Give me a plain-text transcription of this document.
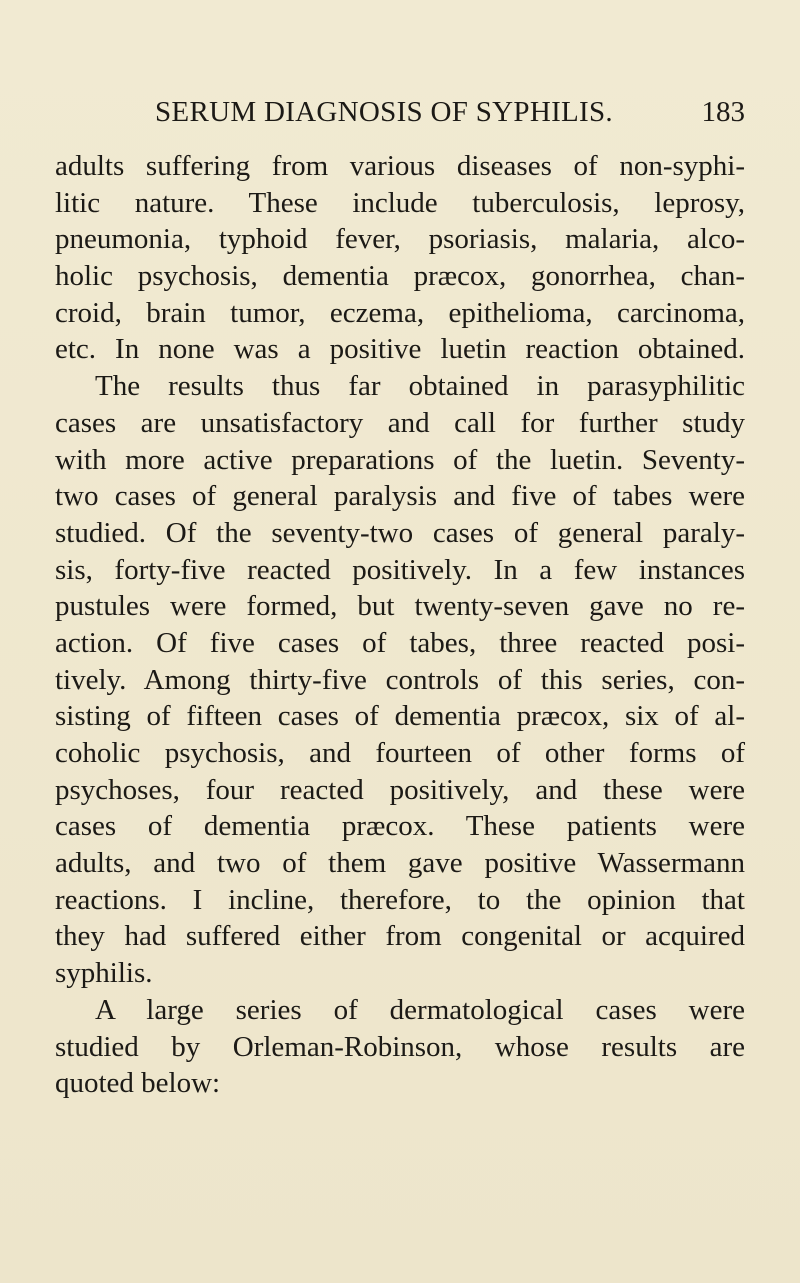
SERUM DIAGNOSIS OF SYPHILIS.	183
adults suffering from various diseases of non-syphi-
litic nature. These include tuberculosis, leprosy,
pneumonia, typhoid fever, psoriasis, malaria, alco-
holic psychosis, dementia præcox, gonorrhea, chan-
croid, brain tumor, eczema, epithelioma, carcinoma,
etc. In none was a positive luetin reaction obtained.
The results thus far obtained in parasyphilitic
cases are unsatisfactory and call for further study
with more active preparations of the luetin. Seventy-
two cases of general paralysis and five of tabes were
studied. Of the seventy-two cases of general paraly-
sis, forty-five reacted positively. In a few instances
pustules were formed, but twenty-seven gave no re-
action. Of five cases of tabes, three reacted posi-
tively. Among thirty-five controls of this series, con-
sisting of fifteen cases of dementia præcox, six of al-
coholic psychosis, and fourteen of other forms of
psychoses, four reacted positively, and these were
cases of dementia præcox. These patients were
adults, and two of them gave positive Wassermann
reactions. I incline, therefore, to the opinion that
they had suffered either from congenital or acquired
syphilis.
A large series of dermatological cases were
studied by Orleman-Robinson, whose results are
quoted below:
